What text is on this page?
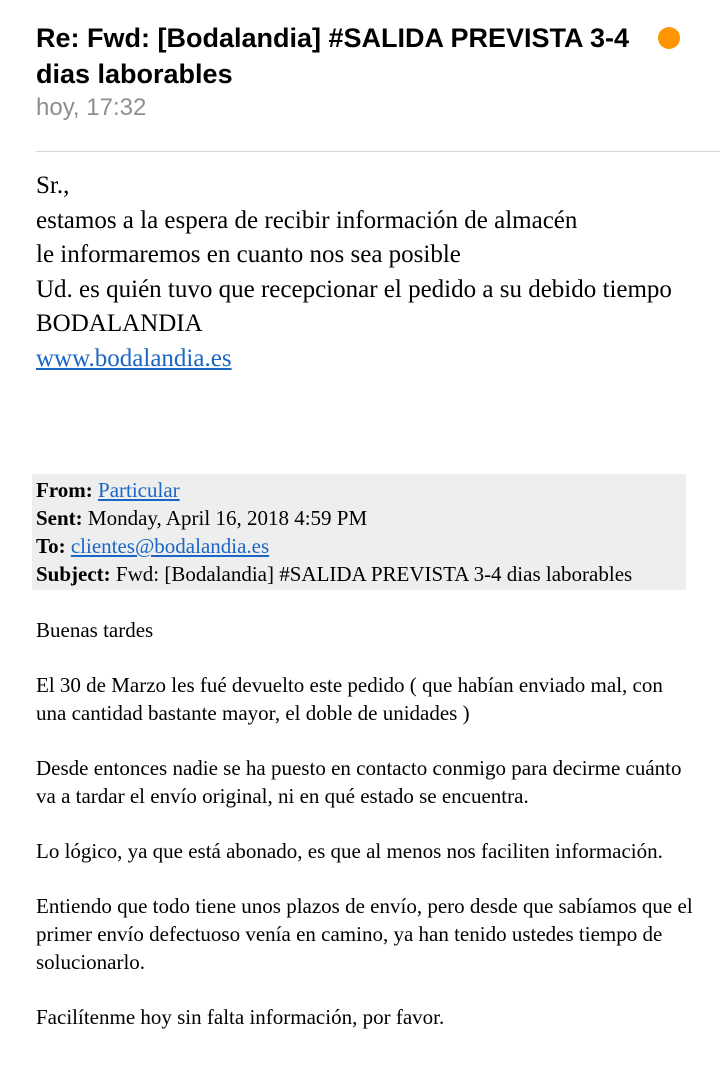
Re: Fwd: [Bodalandia] #SALIDA PREVISTA 3-4 dias laborables
hoy, 17:32
Sr.,
estamos a la espera de recibir información de almacén
le informaremos en cuanto nos sea posible
Ud. es quién tuvo que recepcionar el pedido a su debido tiempo
BODALANDIA
www.bodalandia.es
From: Particular
Sent: Monday, April 16, 2018 4:59 PM
To: clientes@bodalandia.es
Subject: Fwd: [Bodalandia] #SALIDA PREVISTA 3-4 dias laborables

Buenas tardes

El 30 de Marzo les fué devuelto este pedido ( que habían enviado mal, con una cantidad bastante mayor, el doble de unidades )

Desde entonces nadie se ha puesto en contacto conmigo para decirme cuánto va a tardar el envío original, ni en qué estado se encuentra.

Lo lógico, ya que está abonado, es que al menos nos faciliten información.

Entiendo que todo tiene unos plazos de envío, pero desde que sabíamos que el primer envío defectuoso venía en camino, ya han tenido ustedes tiempo de solucionarlo.

Facilítenme hoy sin falta información, por favor.
